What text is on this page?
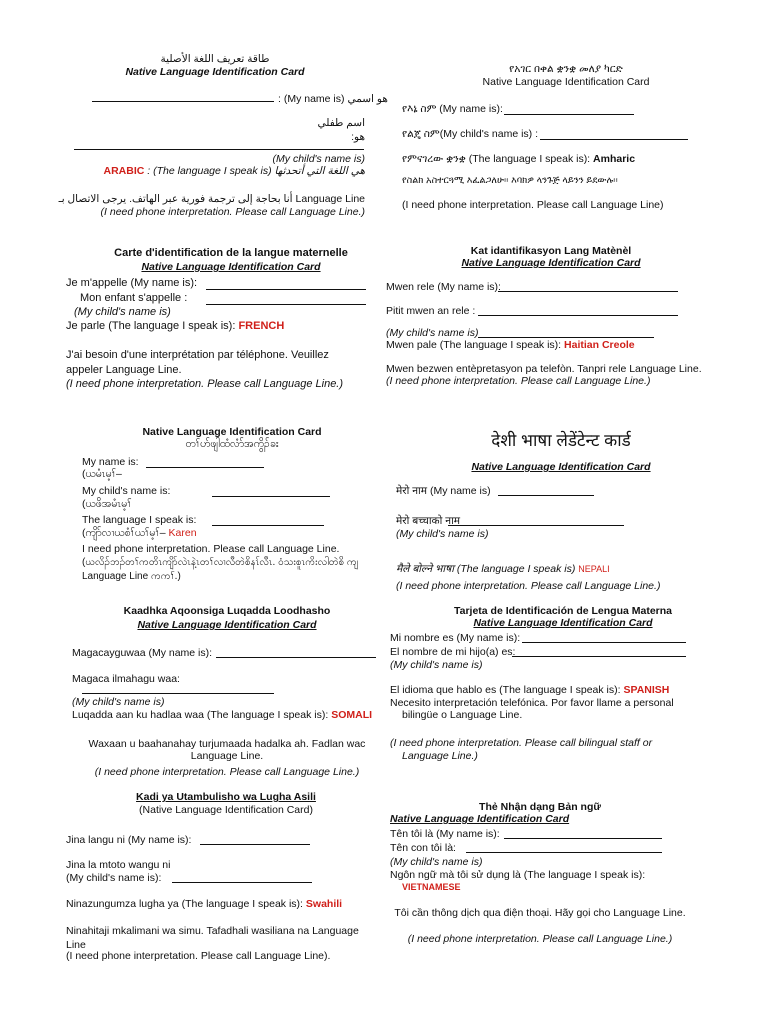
طاقة تعريف اللغة الأصلية
Native Language Identification Card
: (My name is) هو اسمي
اسم طفلي
هو:
(My child's name is)
ARABIC : (The language I speak is) هي اللغة التي أتحدثها
أنا بحاجة إلى ترجمة فورية عبر الهاتف. يرجى الاتصال بـ Language Line
(I need phone interpretation. Please call Language Line.)
የአገር በቀል ቋንቋ መለያ ካርድ
Native Language Identification Card
የእኔ ስም (My name is):
የልጄ ስም(My child's name is) :
የምናገረው ቋንቋ (The language I speak is): Amharic
የስልክ አስተርጓሚ እፈልጋለሁ፡፡ እባክዎ ላንጉጅ ላይንን ይደውሉ፡፡
(I need phone interpretation. Please call Language Line)
Carte d'identification de la langue maternelle
Native Language Identification Card
Je m'appelle (My name is):
Mon enfant s'appelle :
(My child's name is)
Je parle (The language I speak is): FRENCH
J'ai besoin d'une interprétation par téléphone. Veuillez appeler Language Line.
(I need phone interpretation. Please call Language Line.)
Kat idantifikasyon Lang Matènèl
Native Language Identification Card
Mwen rele (My name is):
Pitit mwen an rele :
(My child's name is)
Mwen pale (The language I speak is): Haitian Creole
Mwen bezwen entèpretasyon pa telefòn. Tanpri rele Language Line.
(I need phone interpretation. Please call Language Line.)
Native Language Identification Card
တၢ်ဟ်ဖျါထံလံာ်အကွိၣ်ခး
My name is:
(ယမံၤမ့ၢ်–
My child's name is:
(ယဖိအမံၤမ့ၢ်
The language I speak is:
(ကျိာ်လၢယစံၢ်ယၢ်မ့ၢ်– Karen
I need phone interpretation. Please call Language Line.
(ယလိၣ်ဘၣ်တၢ်ကတိၤကျိာ်လဲၤနဲ့ၤတၢ်လၢလီတဲစိနၤ်လီၤ. ဝံသးစူၤကိးလါတဲစိ ကျ Language Line ကကၢ်.)
देशी भाषा लेडेंटेन्ट कार्ड
Native Language Identification Card
मेरो नाम (My name is)
मेरो बच्चाको नाम
(My child's name is)
मैले बोल्ने भाषा (The language I speak is) NEPALI
(I need phone interpretation. Please call Language Line.)
Kaadhka Aqoonsiga Luqadda Loodhasho
Native Language Identification Card
Magacayguwaa (My name is):
Magaca ilmahagu waa:
(My child's name is)
Luqadda aan ku hadlaa waa (The language I speak is): SOMALI
Waxaan u baahanahay turjumaada hadalka ah. Fadlan wac
Language Line.
(I need phone interpretation. Please call Language Line.)
Tarjeta de Identificación de Lengua Materna
Native Language Identification Card
Mi nombre es (My name is):
El nombre de mi hijo(a) es:
(My child's name is)
El idioma que hablo es (The language I speak is): SPANISH
Necesito interpretación telefónica. Por favor llame a personal
bilingüe o Language Line.
(I need phone interpretation. Please call bilingual staff or
Language Line.)
Kadi ya Utambulisho wa Lugha Asili
(Native Language Identification Card)
Jina langu ni (My name is):
Jina la mtoto wangu ni
(My child's name is):
Ninazungumza lugha ya (The language I speak is): Swahili
Ninahitaji mkalimani wa simu. Tafadhali wasiliana na Language Line
(I need phone interpretation. Please call Language Line).
Thẻ Nhận dạng Bản ngữ
Native Language Identification Card
Tên tôi là (My name is):
Tên con tôi là:
(My child's name is)
Ngôn ngữ mà tôi sử dụng là (The language I speak is):
VIETNAMESE
Tôi cần thông dịch qua điện thoại. Hãy gọi cho Language Line.
(I need phone interpretation. Please call Language Line.)
